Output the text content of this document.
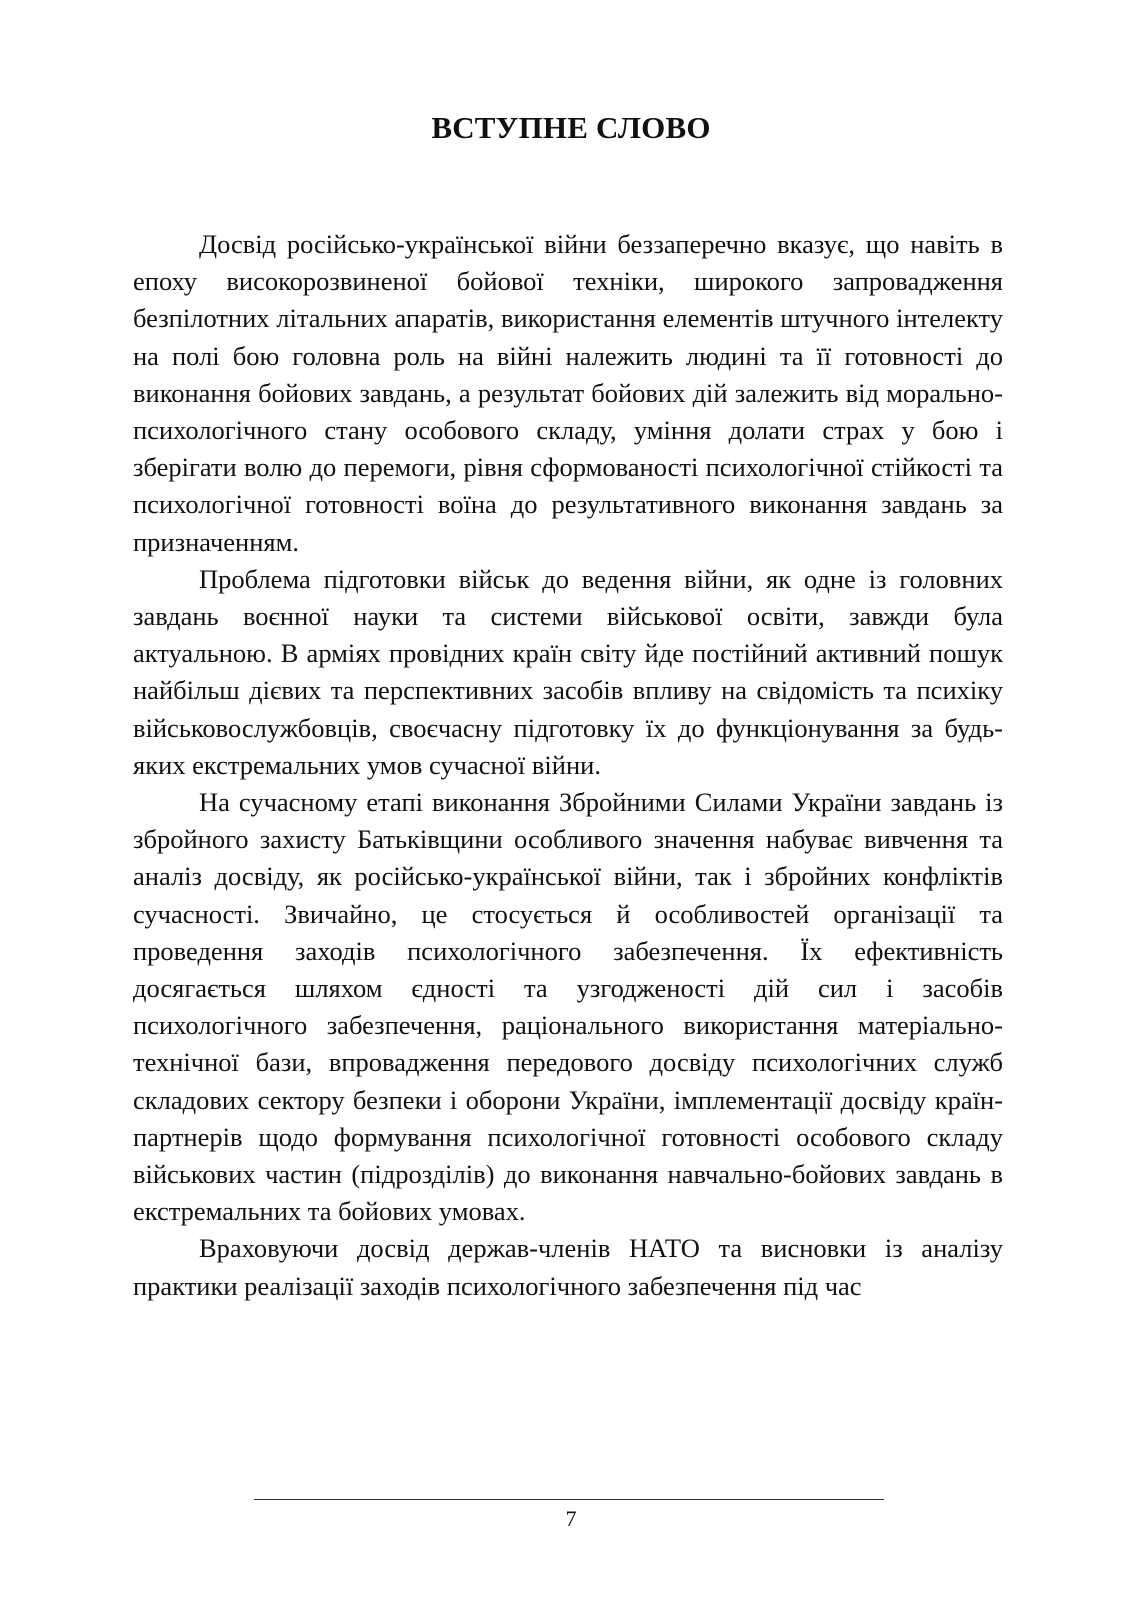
ВСТУПНЕ СЛОВО

Досвід російсько-української війни беззаперечно вказує, що навіть в епоху високорозвиненої бойової техніки, широкого запровадження безпілотних літальних апаратів, використання елементів штучного інтелекту на полі бою головна роль на війні належить людині та її готовності до виконання бойових завдань, а результат бойових дій залежить від морально-психологічного стану особового складу, уміння долати страх у бою і зберігати волю до перемоги, рівня сформованості психологічної стійкості та психологічної готовності воїна до результативного виконання завдань за призначенням.

Проблема підготовки військ до ведення війни, як одне із головних завдань воєнної науки та системи військової освіти, завжди була актуальною. В арміях провідних країн світу йде постійний активний пошук найбільш дієвих та перспективних засобів впливу на свідомість та психіку військовослужбовців, своєчасну підготовку їх до функціонування за будь-яких екстремальних умов сучасної війни.

На сучасному етапі виконання Збройними Силами України завдань із збройного захисту Батьківщини особливого значення набуває вивчення та аналіз досвіду, як російсько-української війни, так і збройних конфліктів сучасності. Звичайно, це стосується й особливостей організації та проведення заходів психологічного забезпечення. Їх ефективність досягається шляхом єдності та узгодженості дій сил і засобів психологічного забезпечення, раціонального використання матеріально-технічної бази, впровадження передового досвіду психологічних служб складових сектору безпеки і оборони України, імплементації досвіду країн-партнерів щодо формування психологічної готовності особового складу військових частин (підрозділів) до виконання навчально-бойових завдань в екстремальних та бойових умовах.

Враховуючи досвід держав-членів НАТО та висновки із аналізу практики реалізації заходів психологічного забезпечення під час

7
